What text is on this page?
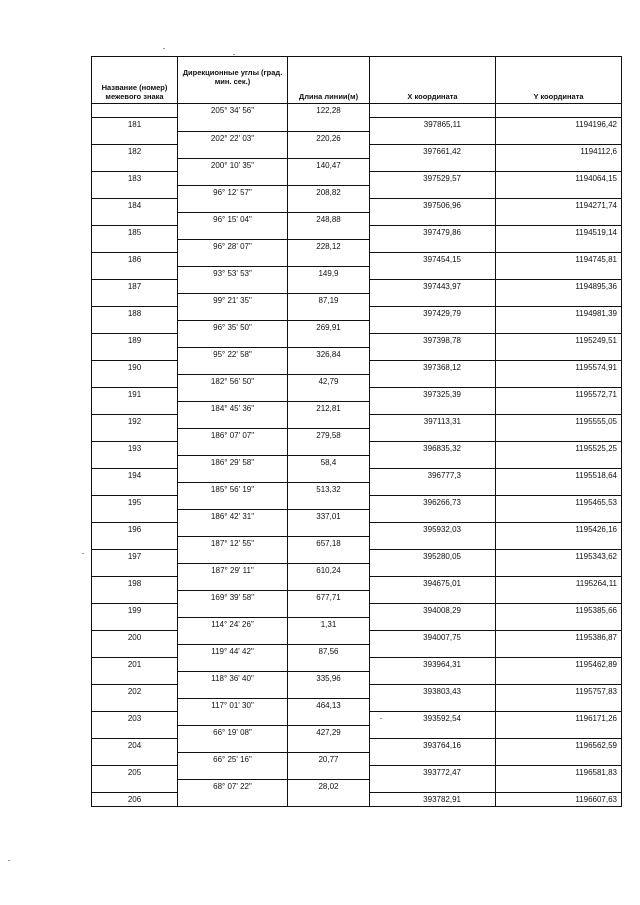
Название (номер) межевого знака	Дирекционные углы (град. мин. сек.)	Длина линии(м)	X координата	Y координата
	205° 34' 56"	122,28		
181			397865,11	1194196,42
	202° 22' 03"	220,26		
182			397661,42	1194112,6
	200° 10' 35"	140,47		
183			397529,57	1194064,15
	96° 12' 57"	208,82		
184			397506,96	1194271,74
	96° 15' 04"	248,88		
185			397479,86	1194519,14
	96° 28' 07"	228,12		
186			397454,15	1194745,81
	93° 53' 53"	149,9		
187			397443,97	1194895,36
	99° 21' 35"	87,19		
188			397429,79	1194981,39
	96° 35' 50"	269,91		
189			397398,78	1195249,51
	95° 22' 58"	326,84		
190			397368,12	1195574,91
	182° 56' 50"	42,79		
191			397325,39	1195572,71
	184° 45' 36"	212,81		
192			397113,31	1195555,05
	186° 07' 07"	279,58		
193			396835,32	1195525,25
	186° 29' 58"	58,4		
194			396777,3	1195518,64
	185° 56' 19"	513,32		
195			396266,73	1195465,53
	186° 42' 31"	337,01		
196			395932,03	1195426,16
	187° 12' 55"	657,18		
197			395280,05	1195343,62
	187° 29' 11"	610,24		
198			394675,01	1195264,11
	169° 39' 58"	677,71		
199			394008,29	1195385,66
	114° 24' 26"	1,31		
200			394007,75	1195386,87
	119° 44' 42"	87,56		
201			393964,31	1195462,89
	118° 36' 40"	335,96		
202			393803,43	1195757,83
	117° 01' 30"	464,13		
203			393592,54	1196171,26
	66° 19' 08"	427,29		
204			393764,16	1196562,59
	66° 25' 16"	20,77		
205			393772,47	1196581,83
	68° 07' 22"	28,02		
206			393782,91	1196607,63
